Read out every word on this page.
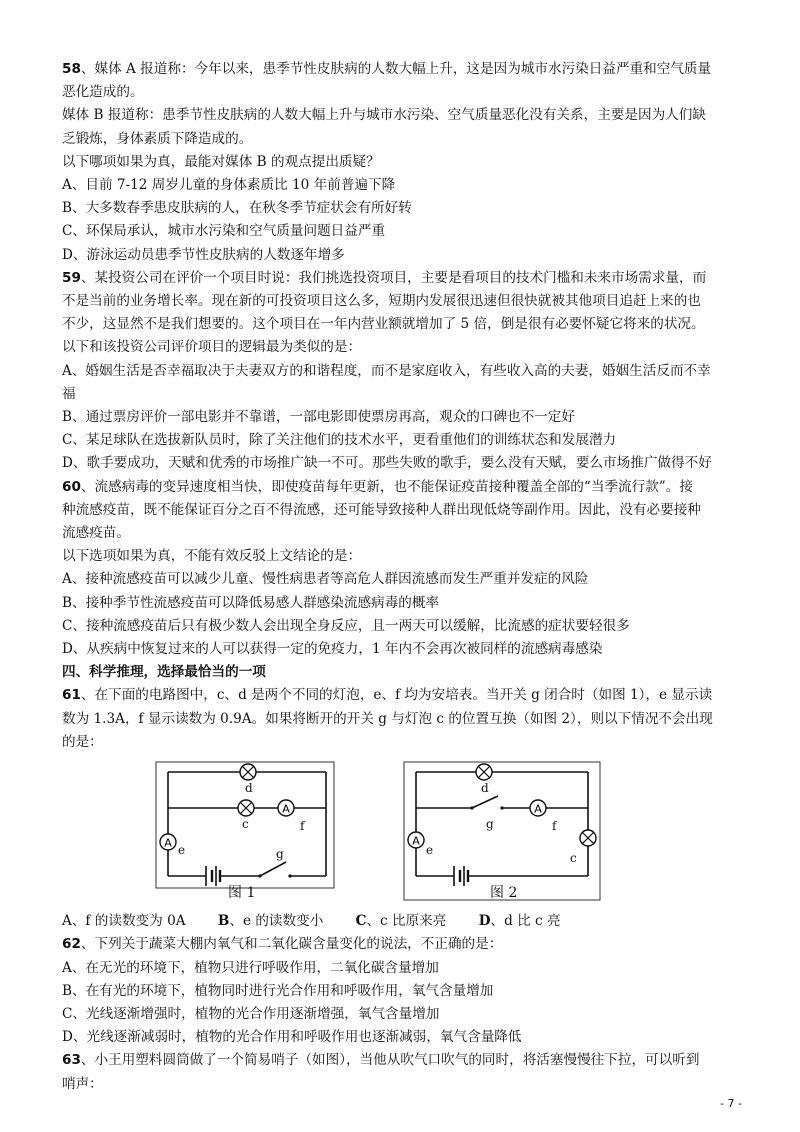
58、媒体 A 报道称：今年以来，患季节性皮肤病的人数大幅上升，这是因为城市水污染日益严重和空气质量
恶化造成的。
媒体 B 报道称：患季节性皮肤病的人数大幅上升与城市水污染、空气质量恶化没有关系，主要是因为人们缺
乏锻炼，身体素质下降造成的。
以下哪项如果为真，最能对媒体 B 的观点提出质疑？
A、目前 7-12 周岁儿童的身体素质比 10 年前普遍下降
B、大多数春季患皮肤病的人，在秋冬季节症状会有所好转
C、环保局承认，城市水污染和空气质量问题日益严重
D、游泳运动员患季节性皮肤病的人数逐年增多
59、某投资公司在评价一个项目时说：我们挑选投资项目，主要是看项目的技术门槛和未来市场需求量，而
不是当前的业务增长率。现在新的可投资项目这么多，短期内发展很迅速但很快就被其他项目追赶上来的也
不少，这显然不是我们想要的。这个项目在一年内营业额就增加了 5 倍，倒是很有必要怀疑它将来的状况。
以下和该投资公司评价项目的逻辑最为类似的是：
A、婚姻生活是否幸福取决于夫妻双方的和谐程度，而不是家庭收入，有些收入高的夫妻，婚姻生活反而不幸
福
B、通过票房评价一部电影并不靠谱，一部电影即使票房再高，观众的口碑也不一定好
C、某足球队在选拔新队员时，除了关注他们的技术水平，更看重他们的训练状态和发展潜力
D、歌手要成功，天赋和优秀的市场推广缺一不可。那些失败的歌手，要么没有天赋，要么市场推广做得不好
60、流感病毒的变异速度相当快，即使疫苗每年更新，也不能保证疫苗接种覆盖全部的“当季流行款”。接
种流感疫苗，既不能保证百分之百不得流感，还可能导致接种人群出现低烧等副作用。因此，没有必要接种
流感疫苗。
以下选项如果为真，不能有效反驳上文结论的是：
A、接种流感疫苗可以减少儿童、慢性病患者等高危人群因流感而发生严重并发症的风险
B、接种季节性流感疫苗可以降低易感人群感染流感病毒的概率
C、接种流感疫苗后只有极少数人会出现全身反应，且一两天可以缓解，比流感的症状要轻很多
D、从疾病中恢复过来的人可以获得一定的免疫力，1 年内不会再次被同样的流感病毒感染
四、科学推理，选择最恰当的一项
61、在下面的电路图中，c、d 是两个不同的灯泡，e、f 均为安培表。当开关 g 闭合时（如图 1），e 显示读
数为 1.3A，f 显示读数为 0.9A。如果将断开的开关 g 与灯泡 c 的位置互换（如图 2），则以下情况不会出现
的是：
A
A
d
c	f
e	g
图 1
A
A
d
c
f
e
g
图 2
A、f 的读数变为 0A B、e 的读数变小 C、c 比原来亮 D、d 比 c 亮
62、下列关于蔬菜大棚内氧气和二氧化碳含量变化的说法，不正确的是：
A、在无光的环境下，植物只进行呼吸作用，二氧化碳含量增加
B、在有光的环境下，植物同时进行光合作用和呼吸作用，氧气含量增加
C、光线逐渐增强时，植物的光合作用逐渐增强，氧气含量增加
D、光线逐渐减弱时，植物的光合作用和呼吸作用也逐渐减弱，氧气含量降低
63、小王用塑料圆筒做了一个简易哨子（如图），当他从吹气口吹气的同时，将活塞慢慢往下拉，可以听到
哨声：
- 7 -
